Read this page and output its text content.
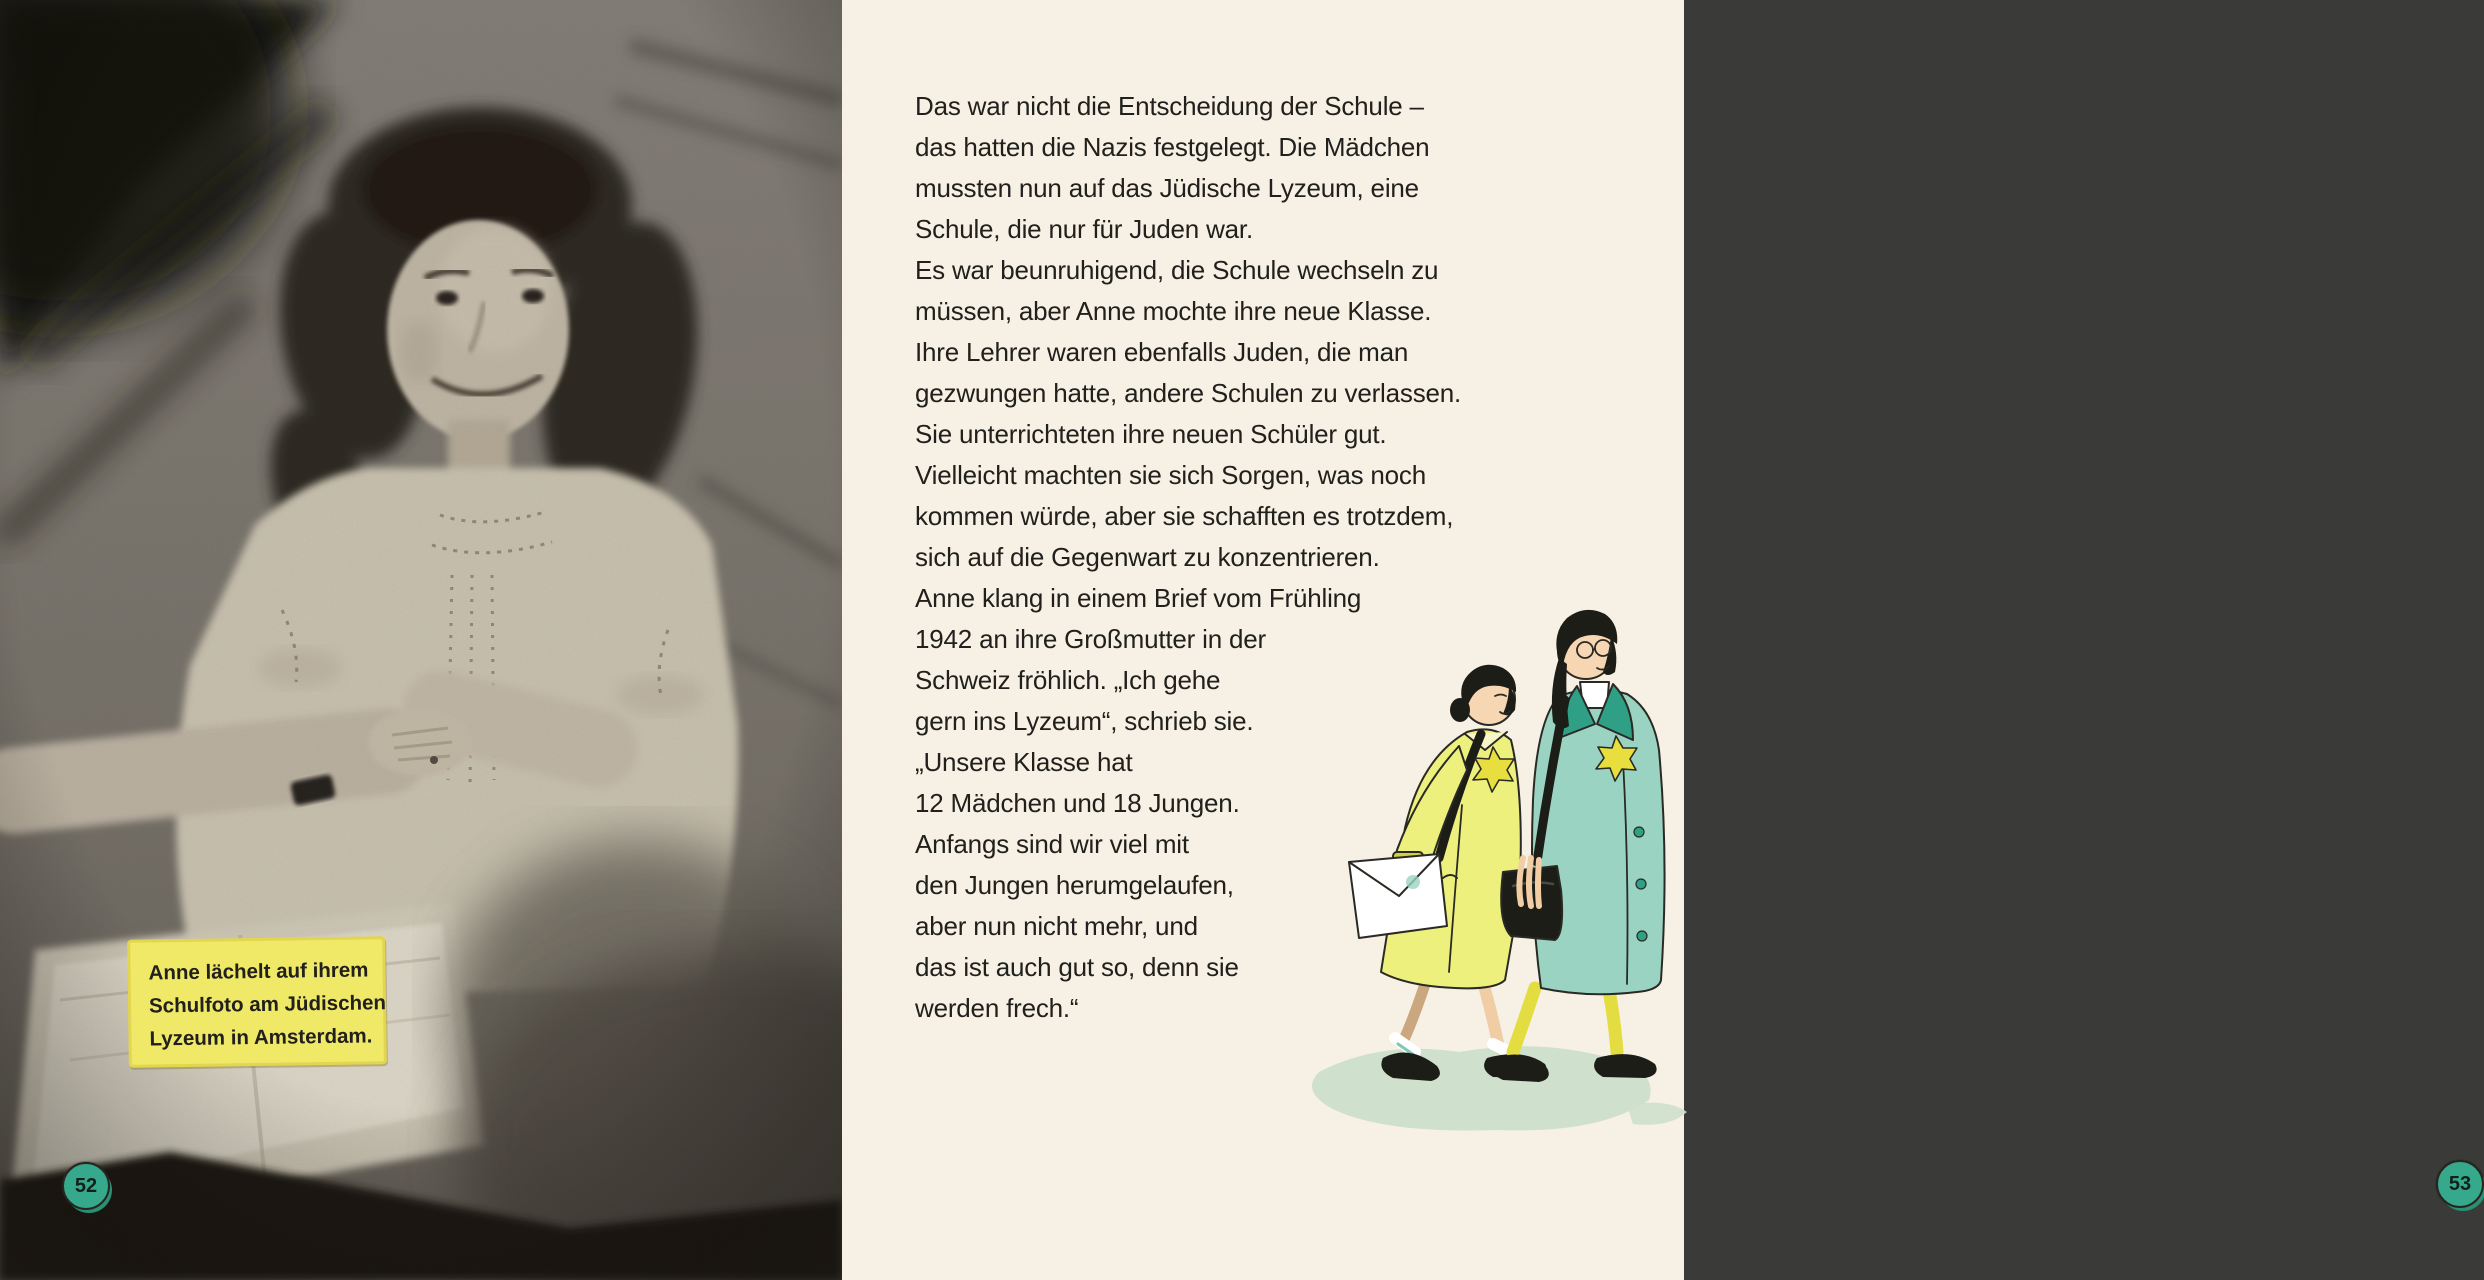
Anne lächelt auf ihrem
Schulfoto am Jüdischen
Lyzeum in Amsterdam.
52
Das war nicht die Entscheidung der Schule –
das hatten die Nazis festgelegt. Die Mädchen
mussten nun auf das Jüdische Lyzeum, eine
Schule, die nur für Juden war.
Es war beunruhigend, die Schule wechseln zu
müssen, aber Anne mochte ihre neue Klasse.
Ihre Lehrer waren ebenfalls Juden, die man
gezwungen hatte, andere Schulen zu verlassen.
Sie unterrichteten ihre neuen Schüler gut.
Vielleicht machten sie sich Sorgen, was noch
kommen würde, aber sie schafften es trotzdem,
sich auf die Gegenwart zu konzentrieren.
Anne klang in einem Brief vom Frühling
1942 an ihre Großmutter in der
Schweiz fröhlich. „Ich gehe
gern ins Lyzeum“, schrieb sie.
„Unsere Klasse hat
12 Mädchen und 18 Jungen.
Anfangs sind wir viel mit
den Jungen herumgelaufen,
aber nun nicht mehr, und
das ist auch gut so, denn sie
werden frech.“
53
